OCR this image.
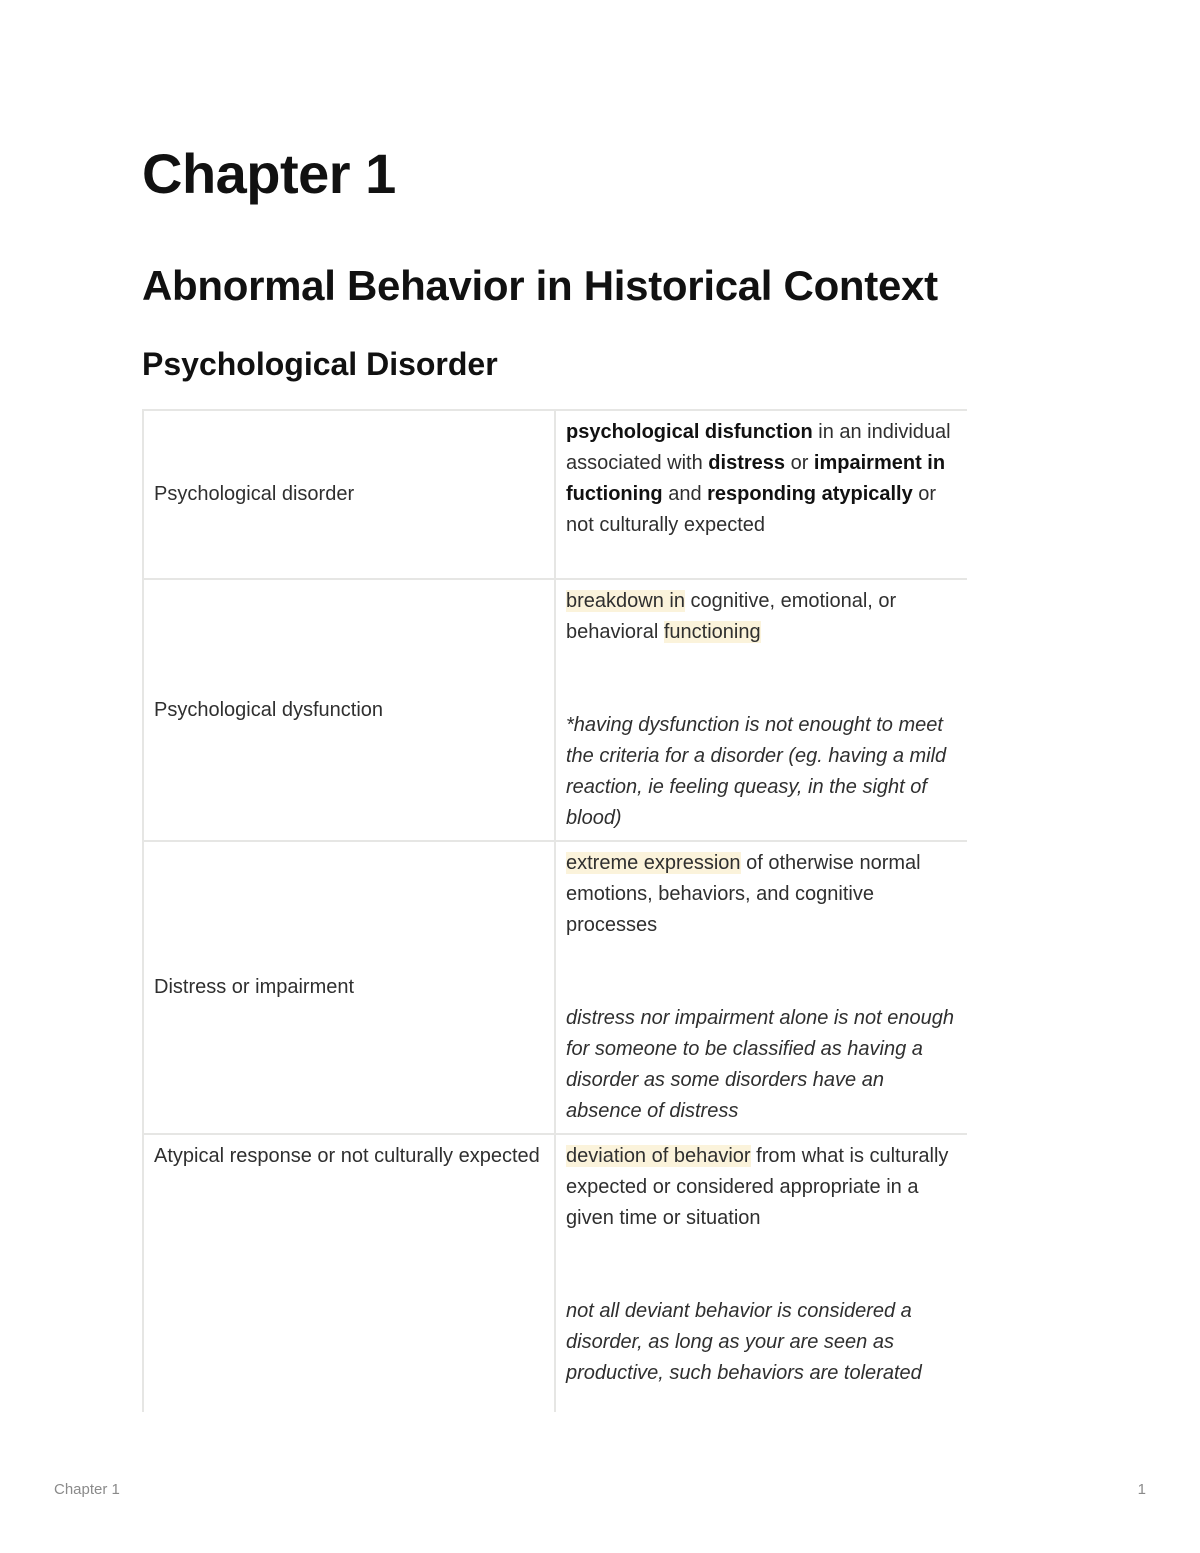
Chapter 1
Abnormal Behavior in Historical Context
Psychological Disorder
Psychological disorder	psychological disfunction in an individual associated with distress or impairment in fuctioning and responding atypically or not culturally expected
Psychological dysfunction	breakdown in cognitive, emotional, or behavioral functioning
*having dysfunction is not enought to meet the criteria for a disorder (eg. having a mild reaction, ie feeling queasy, in the sight of blood)

Distress or impairment	extreme expression of otherwise normal emotions, behaviors, and cognitive processes
distress nor impairment alone is not enough for someone to be classified as having a disorder as some disorders have an absence of distress

Atypical response or not culturally expected	deviation of behavior from what is culturally expected or considered appropriate in a given time or situation
not all deviant behavior is considered a disorder, as long as your are seen as productive, such behaviors are tolerated
Chapter 1	1
